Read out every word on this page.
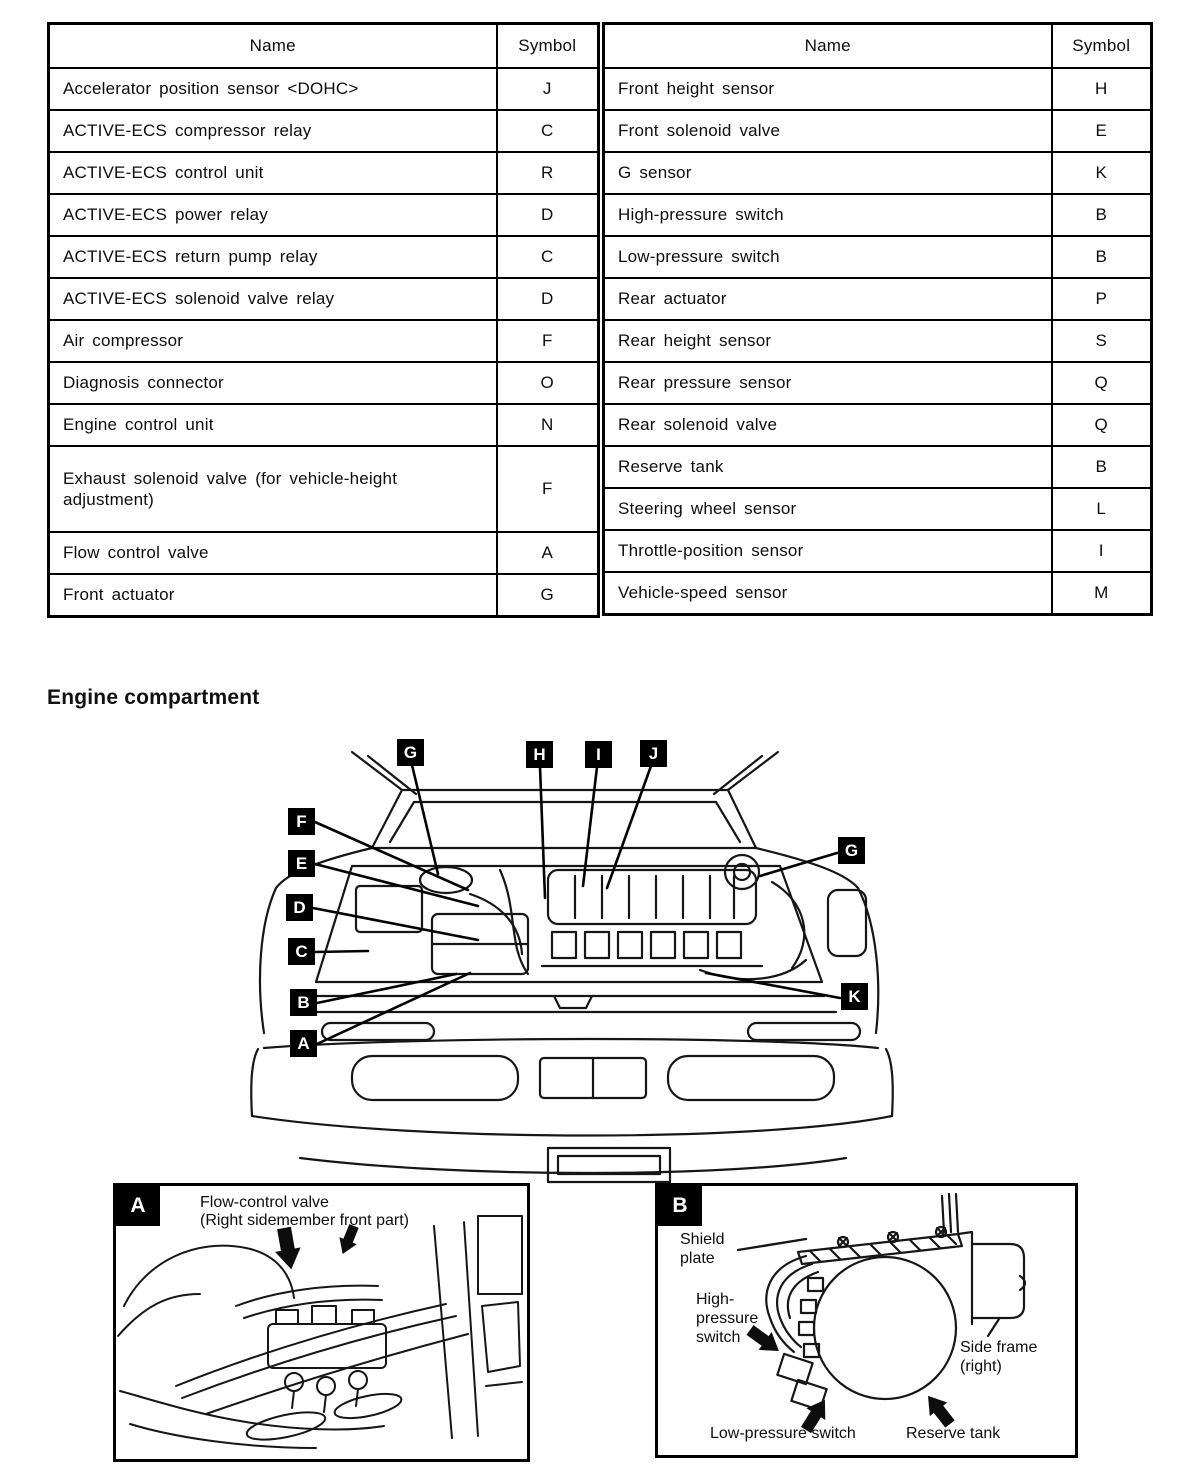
Name	Symbol
Accelerator position sensor <DOHC>	J
ACTIVE-ECS compressor relay	C
ACTIVE-ECS control unit	R
ACTIVE-ECS power relay	D
ACTIVE-ECS return pump relay	C
ACTIVE-ECS solenoid valve relay	D
Air compressor	F
Diagnosis connector	O
Engine control unit	N
Exhaust solenoid valve (for vehicle-height adjustment)	F
Flow control valve	A
Front actuator	G
Name	Symbol
Front height sensor	H
Front solenoid valve	E
G sensor	K
High-pressure switch	B
Low-pressure switch	B
Rear actuator	P
Rear height sensor	S
Rear pressure sensor	Q
Rear solenoid valve	Q
Reserve tank	B
Steering wheel sensor	L
Throttle-position sensor	I
Vehicle-speed sensor	M
Engine compartment
G	H	I	J
F
E
D
C
B
A
G
K
A	Flow-control valve
(Right sidemember front part)
B
Shield plate
High-pressure switch
Side frame (right)
Low-pressure switch	Reserve tank
